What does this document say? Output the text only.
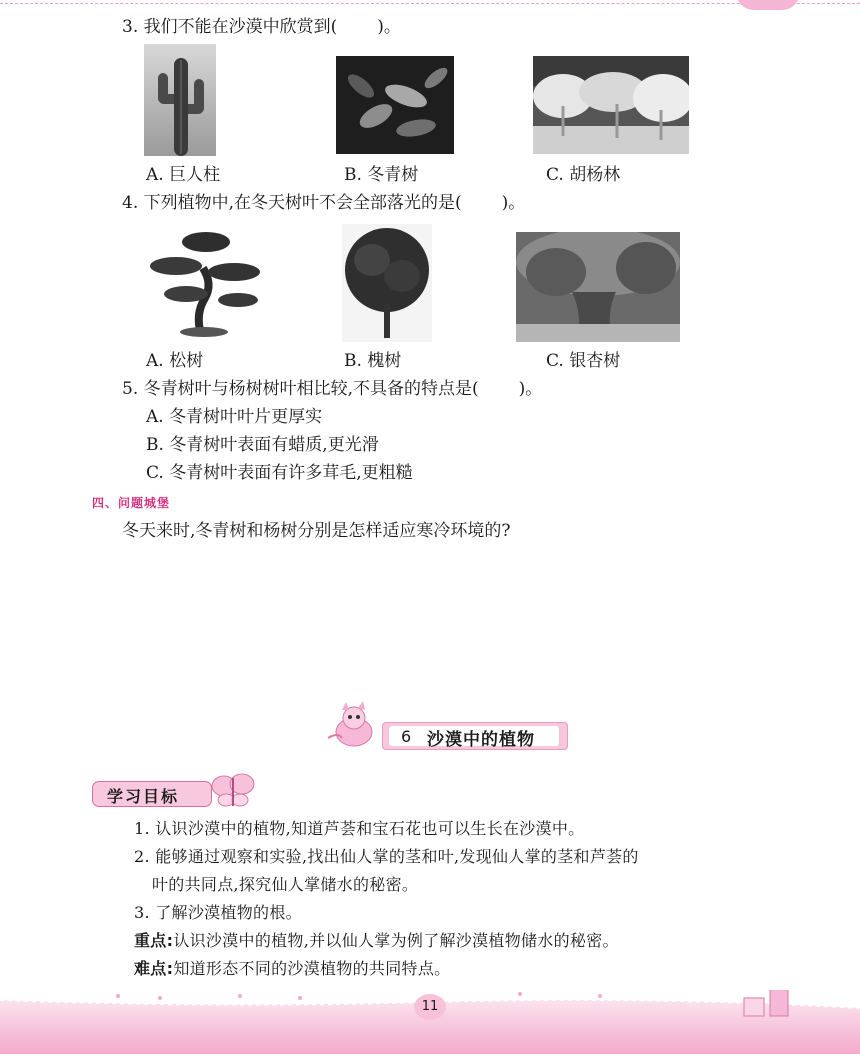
3. 我们不能在沙漠中欣赏到( )。
A. 巨人柱	B. 冬青树	C. 胡杨林
4. 下列植物中,在冬天树叶不会全部落光的是( )。
A. 松树	B. 槐树	C. 银杏树
5. 冬青树叶与杨树树叶相比较,不具备的特点是( )。
A. 冬青树叶叶片更厚实
B. 冬青树叶表面有蜡质,更光滑
C. 冬青树叶表面有许多茸毛,更粗糙
四、问题城堡
冬天来时,冬青树和杨树分别是怎样适应寒冷环境的?
6 沙漠中的植物
学习目标
1. 认识沙漠中的植物,知道芦荟和宝石花也可以生长在沙漠中。
2. 能够通过观察和实验,找出仙人掌的茎和叶,发现仙人掌的茎和芦荟的
叶的共同点,探究仙人掌储水的秘密。
3. 了解沙漠植物的根。
重点:认识沙漠中的植物,并以仙人掌为例了解沙漠植物储水的秘密。
难点:知道形态不同的沙漠植物的共同特点。
11
